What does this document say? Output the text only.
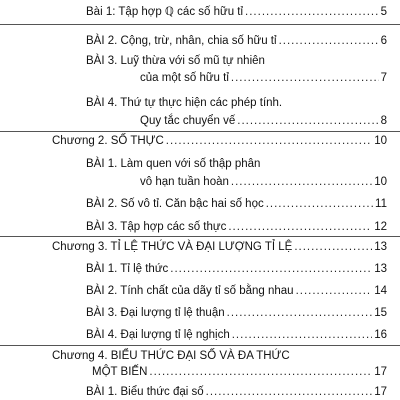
Bài 1: Tập hợp ℚ các số hữu tỉ .....	5
BÀI 2. Cộng, trừ, nhân, chia số hữu tỉ .....	6
BÀI 3. Luỹ thừa với số mũ tự nhiên
của một số hữu tỉ .....	7
BÀI 4. Thứ tự thực hiện các phép tính.
Quy tắc chuyển vế .....	8
Chương 2. SỐ THỰC .....	10
BÀI 1. Làm quen với số thập phân
vô hạn tuần hoàn .....	10
BÀI 2. Số vô tỉ. Căn bậc hai số học .....	11
BÀI 3. Tập hợp các số thực .....	12
Chương 3. TỈ LỆ THỨC VÀ ĐẠI LƯỢNG TỈ LỆ .....	13
BÀI 1. Tỉ lệ thức .....	13
BÀI 2. Tính chất của dãy tỉ số bằng nhau .....	14
BÀI 3. Đại lượng tỉ lệ thuận .....	15
BÀI 4. Đại lượng tỉ lệ nghịch .....	16
Chương 4. BIỂU THỨC ĐẠI SỐ VÀ ĐA THỨC
MỘT BIẾN .....	17
BÀI 1. Biểu thức đại số .....	17
